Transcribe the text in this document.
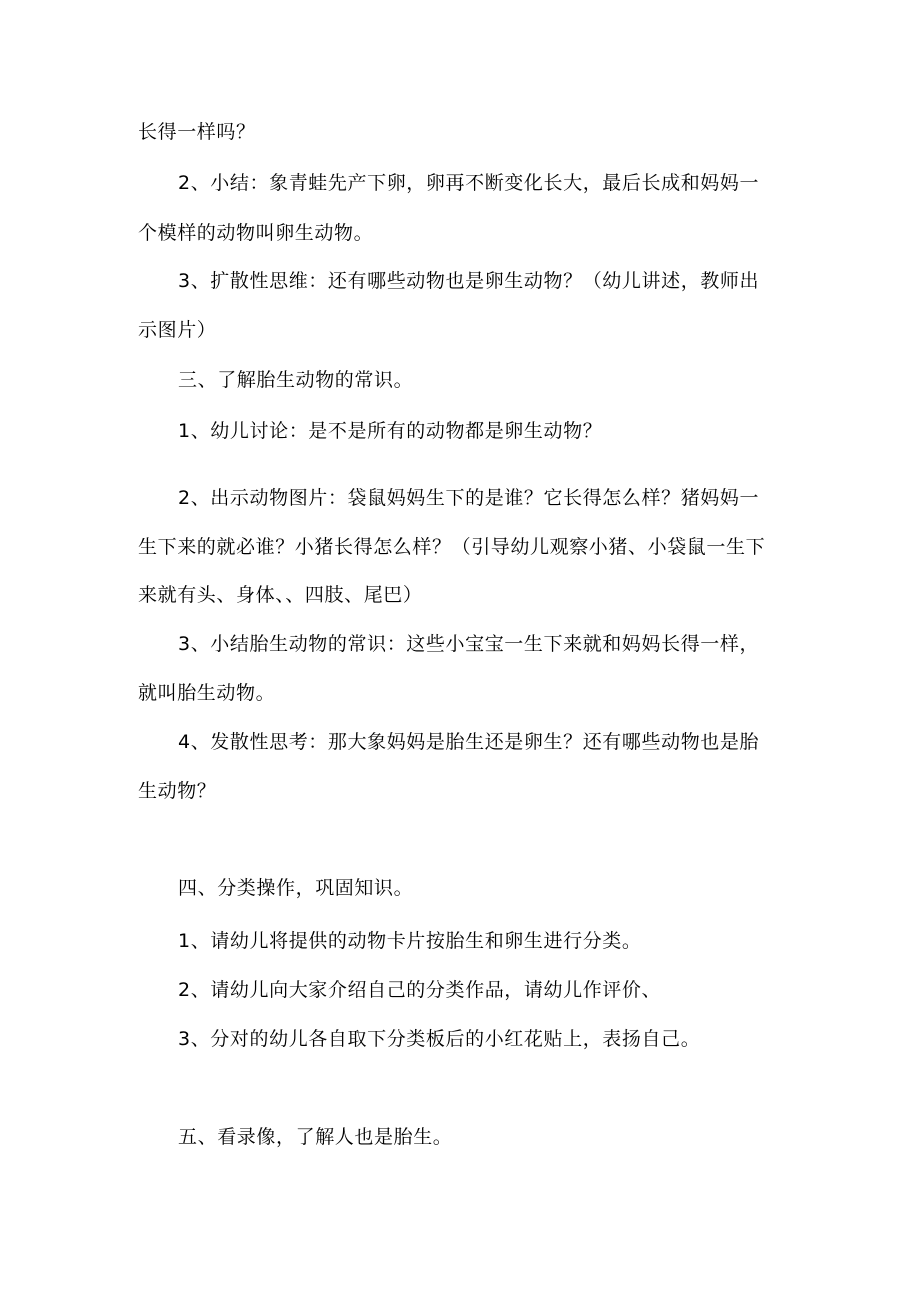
长得一样吗？
2、小结：象青蛙先产下卵，卵再不断变化长大，最后长成和妈妈一
个模样的动物叫卵生动物。
3、扩散性思维：还有哪些动物也是卵生动物？（幼儿讲述，教师出
示图片）
三、了解胎生动物的常识。
1、幼儿讨论：是不是所有的动物都是卵生动物？
2、出示动物图片：袋鼠妈妈生下的是谁？它长得怎么样？猪妈妈一
生下来的就必谁？小猪长得怎么样？（引导幼儿观察小猪、小袋鼠一生下
来就有头、身体、、四肢、尾巴）
3、小结胎生动物的常识：这些小宝宝一生下来就和妈妈长得一样，
就叫胎生动物。
4、发散性思考：那大象妈妈是胎生还是卵生？还有哪些动物也是胎
生动物？
四、分类操作，巩固知识。
1、请幼儿将提供的动物卡片按胎生和卵生进行分类。
2、请幼儿向大家介绍自己的分类作品，请幼儿作评价、
3、分对的幼儿各自取下分类板后的小红花贴上，表扬自己。
五、看录像，了解人也是胎生。
